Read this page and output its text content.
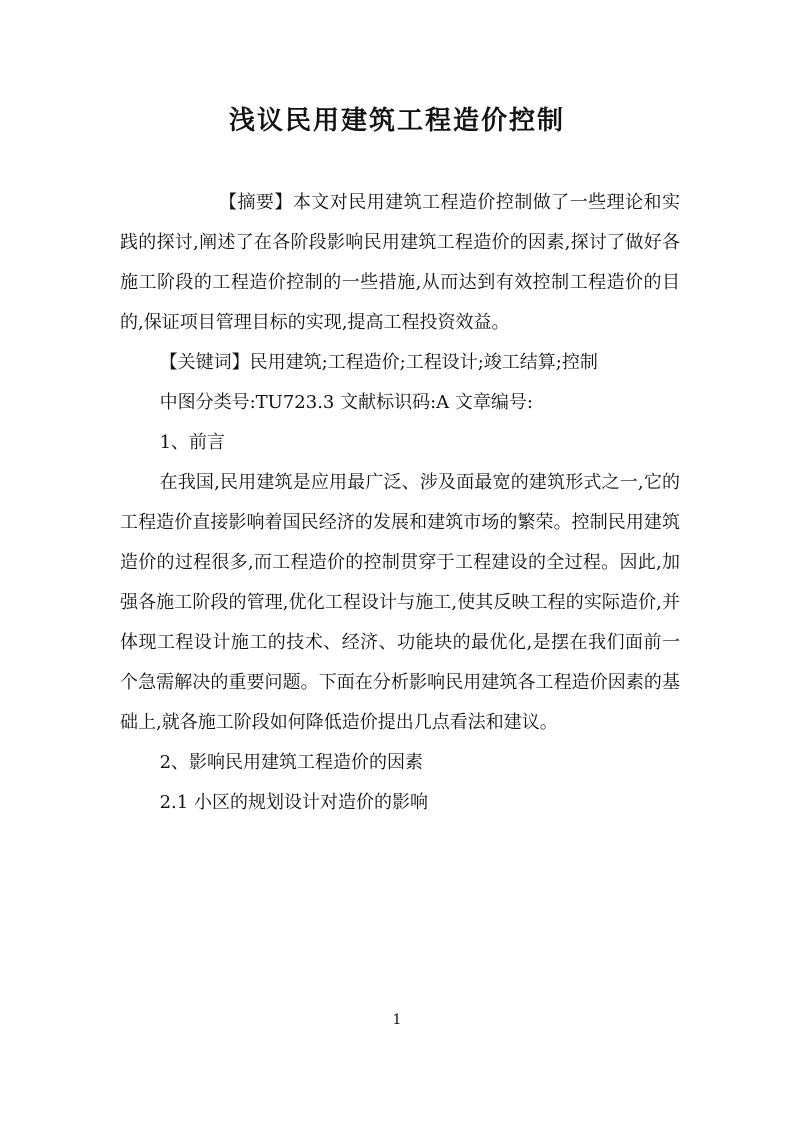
浅议民用建筑工程造价控制

【摘要】本文对民用建筑工程造价控制做了一些理论和实践的探讨,阐述了在各阶段影响民用建筑工程造价的因素,探讨了做好各施工阶段的工程造价控制的一些措施,从而达到有效控制工程造价的目的,保证项目管理目标的实现,提高工程投资效益。

【关键词】民用建筑;工程造价;工程设计;竣工结算;控制

中图分类号:TU723.3 文献标识码:A 文章编号:

1、前言

在我国,民用建筑是应用最广泛、涉及面最宽的建筑形式之一,它的工程造价直接影响着国民经济的发展和建筑市场的繁荣。控制民用建筑造价的过程很多,而工程造价的控制贯穿于工程建设的全过程。因此,加强各施工阶段的管理,优化工程设计与施工,使其反映工程的实际造价,并体现工程设计施工的技术、经济、功能块的最优化,是摆在我们面前一个急需解决的重要问题。下面在分析影响民用建筑各工程造价因素的基础上,就各施工阶段如何降低造价提出几点看法和建议。

2、影响民用建筑工程造价的因素

2.1 小区的规划设计对造价的影响

1
